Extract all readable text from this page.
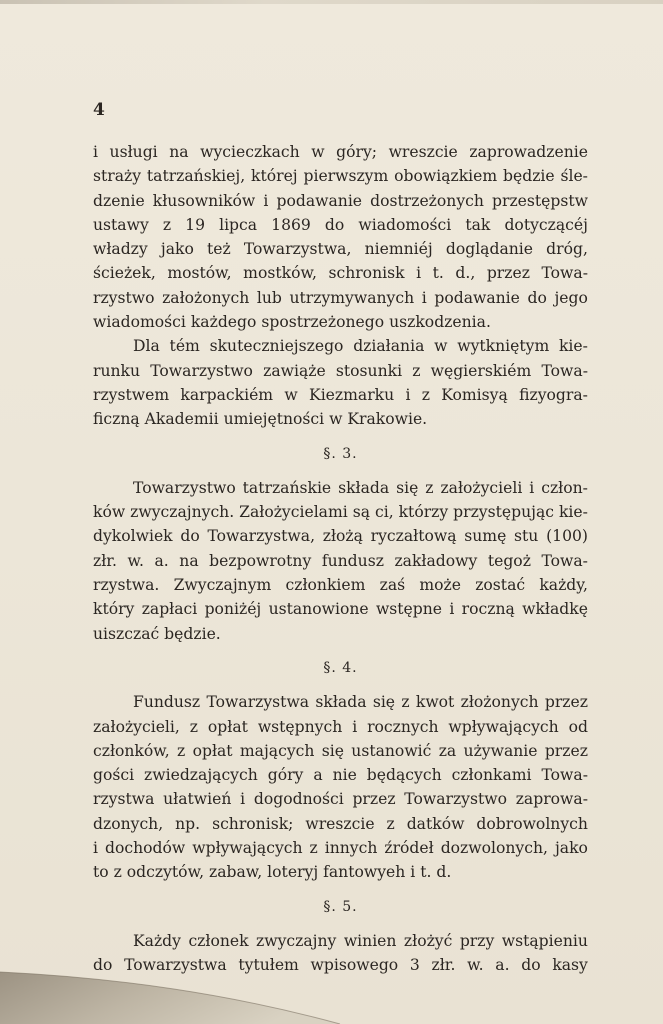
4
i usługi na wycieczkach w góry; wreszcie zaprowadzenie
straży tatrzańskiej, której pierwszym obowiązkiem będzie śle-
dzenie kłusowników i podawanie dostrzeżonych przestępstw
ustawy z 19 lipca 1869 do wiadomości tak dotyczącéj
władzy jako też Towarzystwa, niemniéj doglądanie dróg,
ścieżek, mostów, mostków, schronisk i t. d., przez Towa-
rzystwo założonych lub utrzymywanych i podawanie do jego
wiadomości każdego spostrzeżonego uszkodzenia.
Dla tém skuteczniejszego działania w wytkniętym kie-
runku Towarzystwo zawiąże stosunki z węgierskiém Towa-
rzystwem karpackiém w Kiezmarku i z Komisyą fizyogra-
ficzną Akademii umiejętności w Krakowie.
§. 3.
Towarzystwo tatrzańskie składa się z założycieli i człon-
ków zwyczajnych. Założycielami są ci, którzy przystępując kie-
dykolwiek do Towarzystwa, złożą ryczałtową sumę stu (100)
złr. w. a. na bezpowrotny fundusz zakładowy tegoż Towa-
rzystwa. Zwyczajnym członkiem zaś może zostać każdy,
który zapłaci poniżéj ustanowione wstępne i roczną wkładkę
uiszczać będzie.
§. 4.
Fundusz Towarzystwa składa się z kwot złożonych przez
założycieli, z opłat wstępnych i rocznych wpływających od
członków, z opłat mających się ustanowić za używanie przez
gości zwiedzających góry a nie będących członkami Towa-
rzystwa ułatwień i dogodności przez Towarzystwo zaprowa-
dzonych, np. schronisk; wreszcie z datków dobrowolnych
i dochodów wpływających z innych źródeł dozwolonych, jako
to z odczytów, zabaw, loteryj fantowyeh i t. d.
§. 5.
Każdy członek zwyczajny winien złożyć przy wstąpieniu
do Towarzystwa tytułem wpisowego 3 złr. w. a. do kasy
